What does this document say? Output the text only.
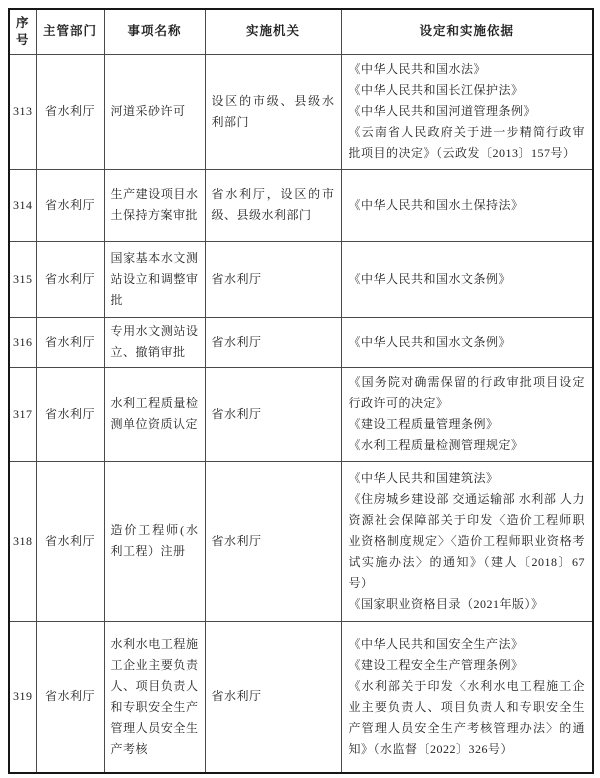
序号	主管部门	事项名称	实施机关	设定和实施依据
313	省水利厅	河道采砂许可	设区的市级、县级水利部门	《中华人民共和国水法》
《中华人民共和国长江保护法》
《中华人民共和国河道管理条例》
《云南省人民政府关于进一步精简行政审批项目的决定》（云政发〔2013〕157号）

314	省水利厅	生产建设项目水土保持方案审批	省水利厅，设区的市级、县级水利部门	《中华人民共和国水土保持法》

315	省水利厅	国家基本水文测站设立和调整审批	省水利厅	《中华人民共和国水文条例》

316	省水利厅	专用水文测站设立、撤销审批	省水利厅	《中华人民共和国水文条例》

317	省水利厅	水利工程质量检测单位资质认定	省水利厅	《国务院对确需保留的行政审批项目设定行政许可的决定》
《建设工程质量管理条例》
《水利工程质量检测管理规定》

318	省水利厅	造价工程师(水利工程）注册	省水利厅	《中华人民共和国建筑法》
《住房城乡建设部 交通运输部 水利部 人力资源社会保障部关于印发〈造价工程师职业资格制度规定〉〈造价工程师职业资格考试实施办法〉的通知》（建人〔2018〕67号）
《国家职业资格目录（2021年版）》

319	省水利厅	水利水电工程施工企业主要负责人、项目负责人和专职安全生产管理人员安全生产考核	省水利厅	《中华人民共和国安全生产法》
《建设工程安全生产管理条例》
《水利部关于印发〈水利水电工程施工企业主要负责人、项目负责人和专职安全生产管理人员安全生产考核管理办法〉的通知》（水监督〔2022〕326号）
